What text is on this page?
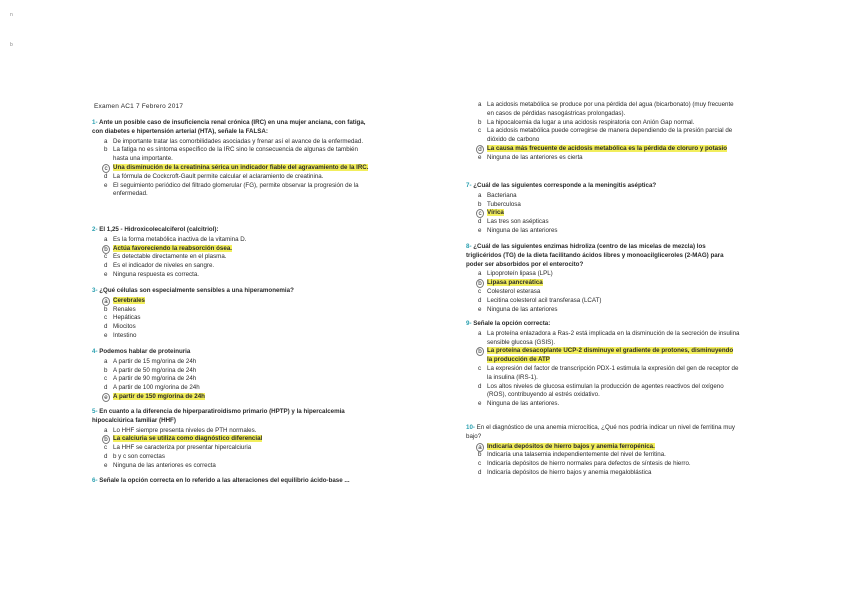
n
b
Examen AC1 7 Febrero 2017
1- Ante un posible caso de insuficiencia renal crónica (IRC) en una mujer anciana, con fatiga, con diabetes e hipertensión arterial (HTA), señale la FALSA:
a De importante tratar las comorbilidades asociadas y frenar así el avance de la enfermedad.
b La fatiga no es síntoma específico de la IRC sino le consecuencia de algunas de también hasta una importante.
c Una disminución de la creatinina sérica un indicador fiable del agravamiento de la IRC.
d La fórmula de Cockcroft-Gault permite calcular el aclaramiento de creatinina.
e El seguimiento periódico del filtrado glomerular (FG), permite observar la progresión de la enfermedad.
2- El 1,25 - Hidroxicolecalciferol (calcitriol):
a Es la forma metabólica inactiva de la vitamina D.
b Actúa favoreciendo la reabsorción ósea.
c Es detectable directamente en el plasma.
d Es el indicador de niveles en sangre.
e Ninguna respuesta es correcta.
3- ¿Qué células son especialmente sensibles a una hiperamonemia?
a Cerebrales
b Renales
c Hepáticas
d Miocitos
e Intestino
4- Podemos hablar de proteinuria
a A partir de 15 mg/orina de 24h
b A partir de 50 mg/orina de 24h
c A partir de 90 mg/orina de 24h
d A partir de 100 mg/orina de 24h
e A partir de 150 mg/orina de 24h
5- En cuanto a la diferencia de hiperparatiroidismo primario (HPTP) y la hipercalcemia hipocalciúrica familiar (HHF)
a Lo HHF siempre presenta niveles de PTH normales.
b La calciuria se utiliza como diagnóstico diferencial
c La HHF se caracteriza por presentar hipercalciuria
d b y c son correctas
e Ninguna de las anteriores es correcta
6- Señale la opción correcta en lo referido a las alteraciones del equilibrio ácido-base ...
a La acidosis metabólica se produce por una pérdida del agua (bicarbonato) (muy frecuente en casos de pérdidas nasogástricas prolongadas).
b La hipocalcemia da lugar a una acidosis respiratoria con Anión Gap normal.
c La acidosis metabólica puede corregirse de manera dependiendo de la presión parcial de dióxido de carbono
d La causa más frecuente de acidosis metabólica es la pérdida de cloruro y potasio
e Ninguna de las anteriores es cierta
7- ¿Cuál de las siguientes corresponde a la meningitis aséptica?
a Bacteriana
b Tuberculosa
c Vírica
d Las tres son asépticas
e Ninguna de las anteriores
8- ¿Cuál de las siguientes enzimas hidroliza (centro de las micelas de mezcla) los triglicéridos (TG) de la dieta facilitando ácidos libres y monoacilgliceroles (2-MAG) para poder ser absorbidos por el enterocito?
a Lipoproteín lipasa (LPL)
b Lipasa pancreática
c Colesterol esterasa
d Lecitina colesterol acil transferasa (LCAT)
e Ninguna de las anteriores
9- Señale la opción correcta:
a La proteína enlazadora a Ras-2 está implicada en la disminución de la secreción de insulina sensible glucosa (GSIS).
b La proteína desacoplante UCP-2 disminuye el gradiente de protones, disminuyendo la producción de ATP
c La expresión del factor de transcripción PDX-1 estimula la expresión del gen de receptor de la insulina (IRS-1).
d Los altos niveles de glucosa estimulan la producción de agentes reactivos del oxígeno (ROS), contribuyendo al estrés oxidativo.
e Ninguna de las anteriores.
10- En el diagnóstico de una anemia microcítica, ¿Qué nos podría indicar un nivel de ferritina muy bajo?
a Indicaría depósitos de hierro bajos y anemia ferropénica.
b Indicaría una talasemia independientemente del nivel de ferritina.
c Indicaría depósitos de hierro normales para defectos de síntesis de hierro.
d Indicaría depósitos de hierro bajos y anemia megaloblástica
